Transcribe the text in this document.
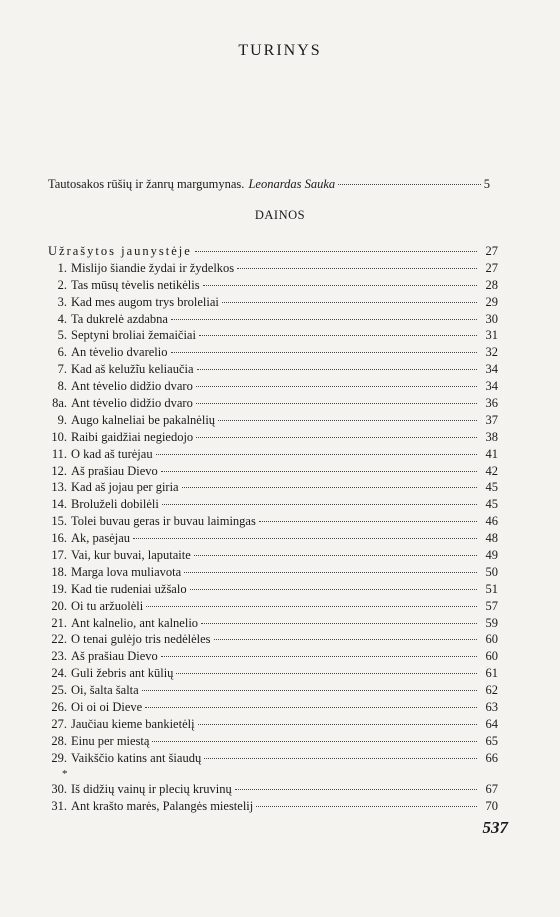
TURINYS
Tautosakos rūšių ir žanrų margumynas. Leonardas Sauka	5
DAINOS
Užrašytos jaunystėje	27
1. Mislijo šiandie žydai ir žydelkos	27
2. Tas mūsų tėvelis netikėlis	28
3. Kad mes augom trys broleliai	29
4. Ta dukrelė azdabna	30
5. Septyni broliai žemaičiai	31
6. An tėvelio dvarelio	32
7. Kad aš keluž̃iu keliaučia	34
8. Ant tėvelio didžio dvaro	34
8a. Ant tėvelio didžio dvaro	36
9. Augo kalneliai be pakalnėlių	37
10. Raibi gaidžiai negiedojo	38
11. O kad aš turėjau	41
12. Aš prašiau Dievo	42
13. Kad aš jojau per giria	45
14. Broluželi dobilėli	45
15. Tolei buvau geras ir buvau laimingas	46
16. Ak, pasėjau	48
17. Vai, kur buvai, laputaite	49
18. Marga lova muliavota	50
19. Kad tie rudeniai užšalo	51
20. Oi tu aržuolėli	57
21. Ant kalnelio, ant kalnelio	59
22. O tenai gulėjo tris nedėlėles	60
23. Aš prašiau Dievo	60
24. Guli žebris ant kūlių	61
25. Oi, šalta šalta	62
26. Oi oi oi Dieve	63
27. Jaučiau kieme bankietėlį	64
28. Einu per miestą	65
29. Vaikščio katins ant šiaudų	66
*
30. Iš didžių vainų ir plecių kruvinų	67
31. Ant krašto marės, Palangės miestelij	70
537
